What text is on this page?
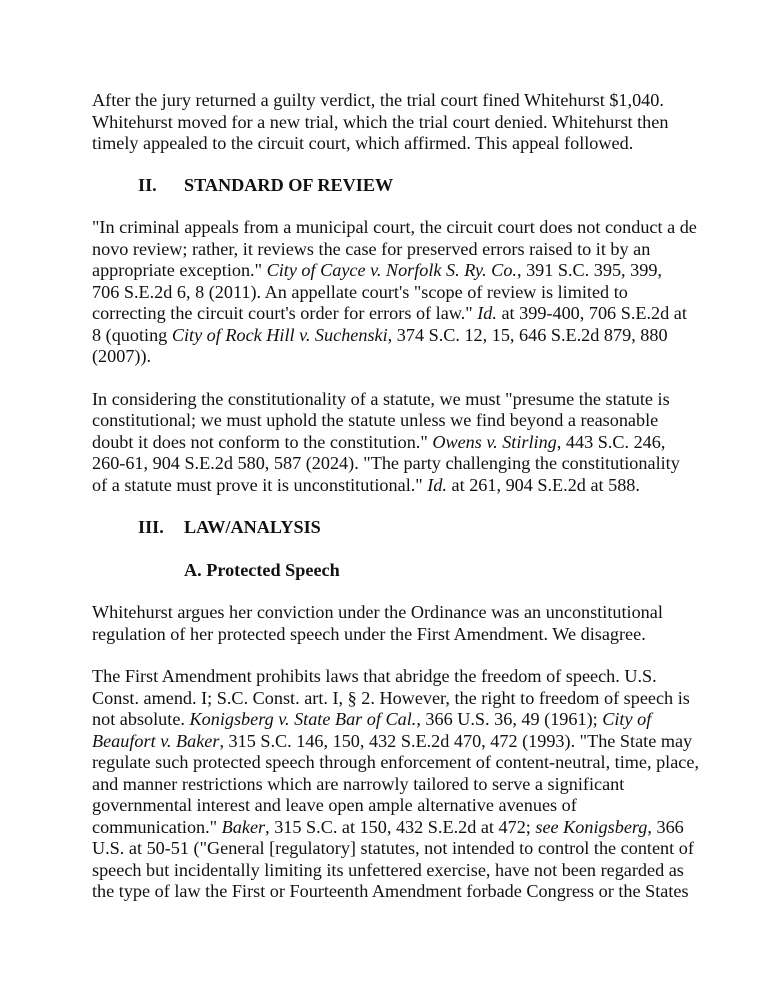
After the jury returned a guilty verdict, the trial court fined Whitehurst $1,040.
Whitehurst moved for a new trial, which the trial court denied. Whitehurst then
timely appealed to the circuit court, which affirmed. This appeal followed.
II. STANDARD OF REVIEW
"In criminal appeals from a municipal court, the circuit court does not conduct a de
novo review; rather, it reviews the case for preserved errors raised to it by an
appropriate exception." City of Cayce v. Norfolk S. Ry. Co., 391 S.C. 395, 399,
706 S.E.2d 6, 8 (2011). An appellate court's "scope of review is limited to
correcting the circuit court's order for errors of law." Id. at 399-400, 706 S.E.2d at
8 (quoting City of Rock Hill v. Suchenski, 374 S.C. 12, 15, 646 S.E.2d 879, 880
(2007)).
In considering the constitutionality of a statute, we must "presume the statute is
constitutional; we must uphold the statute unless we find beyond a reasonable
doubt it does not conform to the constitution." Owens v. Stirling, 443 S.C. 246,
260-61, 904 S.E.2d 580, 587 (2024). "The party challenging the constitutionality
of a statute must prove it is unconstitutional." Id. at 261, 904 S.E.2d at 588.
III. LAW/ANALYSIS
A. Protected Speech
Whitehurst argues her conviction under the Ordinance was an unconstitutional
regulation of her protected speech under the First Amendment. We disagree.
The First Amendment prohibits laws that abridge the freedom of speech. U.S.
Const. amend. I; S.C. Const. art. I, § 2. However, the right to freedom of speech is
not absolute. Konigsberg v. State Bar of Cal., 366 U.S. 36, 49 (1961); City of
Beaufort v. Baker, 315 S.C. 146, 150, 432 S.E.2d 470, 472 (1993). "The State may
regulate such protected speech through enforcement of content-neutral, time, place,
and manner restrictions which are narrowly tailored to serve a significant
governmental interest and leave open ample alternative avenues of
communication." Baker, 315 S.C. at 150, 432 S.E.2d at 472; see Konigsberg, 366
U.S. at 50-51 ("General [regulatory] statutes, not intended to control the content of
speech but incidentally limiting its unfettered exercise, have not been regarded as
the type of law the First or Fourteenth Amendment forbade Congress or the States
